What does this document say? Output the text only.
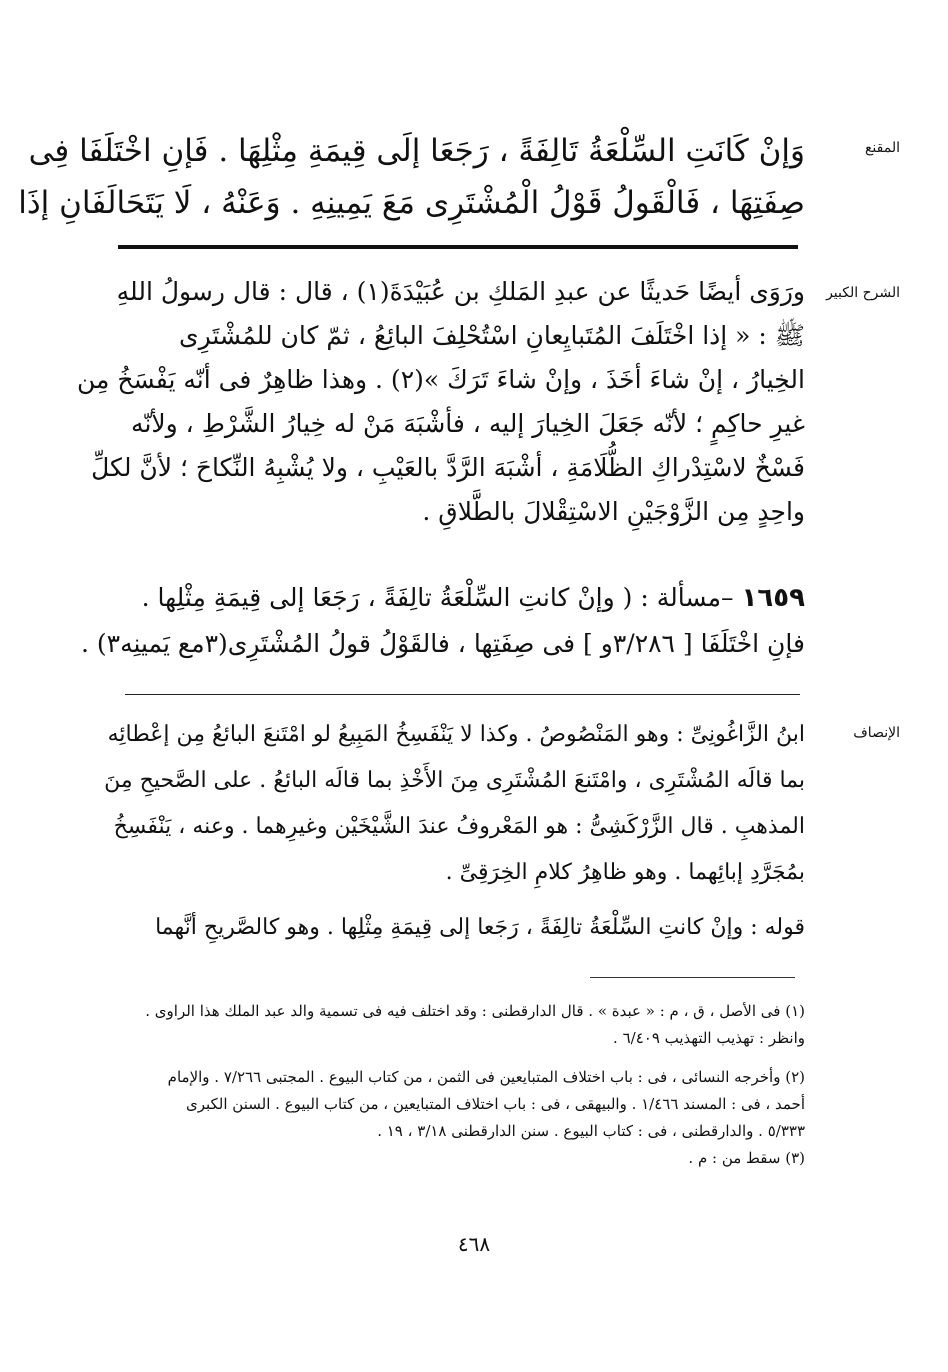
المقنع
وَإنْ كَانَتِ السِّلْعَةُ تَالِفَةً ، رَجَعَا إلَى قِيمَةِ مِثْلِهَا . فَإنِ اخْتَلَفَا فِى
صِفَتِهَا ، فَالْقَولُ قَوْلُ الْمُشْتَرِى مَعَ يَمِينِهِ . وَعَنْهُ ، لَا يَتَحَالَفَانِ إذَا
الشرح الكبير
ورَوَى أيضًا حَديثًا عن عبدِ المَلكِ بن عُبَيْدَةَ(١) ، قال : قال رسولُ اللهِ
ﷺ : « إذا اخْتَلَفَ المُتَبايِعانِ اسْتُحْلِفَ البائِعُ ، ثمّ كان للمُشْتَرِى
الخِيارُ ، إنْ شاءَ أخَذَ ، وإنْ شاءَ تَرَكَ »(٢) . وهذا ظاهِرٌ فى أنّه يَفْسَخُ مِن
غيرِ حاكِمٍ ؛ لأنّه جَعَلَ الخِيارَ إليه ، فأشْبَهَ مَنْ له خِيارُ الشَّرْطِ ، ولأنّه
فَسْخٌ لاسْتِدْراكِ الظُّلَامَةِ ، أشْبَهَ الرَّدَّ بالعَيْبِ ، ولا يُشْبِهُ النِّكاحَ ؛ لأنَّ لكلِّ
واحِدٍ مِن الزَّوْجَيْنِ الاسْتِقْلالَ بالطَّلاقِ .
١٦٥٩ –مسألة : ( وإنْ كانتِ السِّلْعَةُ تالِفَةً ، رَجَعَا إلى قِيمَةِ مِثْلِها .
فإنِ اخْتَلَفَا [ ٣/٢٨٦و ] فى صِفَتِها ، فالقَوْلُ قولُ المُشْتَرِى(٣مع يَمينِه٣) .
الإنصاف
ابنُ الزَّاغُونِىِّ : وهو المَنْصُوصُ . وكذا لا يَنْفَسِخُ المَبِيعُ لو امْتَنعَ البائعُ مِن إعْطائِه
بما قالَه المُشْتَرِى ، وامْتَنعَ المُشْتَرِى مِنَ الأَخْذِ بما قالَه البائعُ . على الصَّحيحِ مِنَ
المذهبِ . قال الزَّرْكَشِىُّ : هو المَعْروفُ عندَ الشَّيْخَيْن وغيرِهما . وعنه ، يَنْفَسِخُ
بمُجَرَّدِ إبائِهما . وهو ظاهِرُ كلامِ الخِرَقِىِّ .
قوله : وإنْ كانتِ السِّلْعَةُ تالِفَةً ، رَجَعا إلى قِيمَةِ مِثْلِها . وهو كالصَّريحِ أنَّهما
(١) فى الأصل ، ق ، م : « عبدة » . قال الدارقطنى : وقد اختلف فيه فى تسمية والد عبد الملك هذا الراوى .
وانظر : تهذيب التهذيب ٦/٤٠٩ .
(٢) وأخرجه النسائى ، فى : باب اختلاف المتبايعين فى الثمن ، من كتاب البيوع . المجتبى ٧/٢٦٦ . والإمام
أحمد ، فى : المسند ١/٤٦٦ . والبيهقى ، فى : باب اختلاف المتبايعين ، من كتاب البيوع . السنن الكبرى
٥/٣٣٣ . والدارقطنى ، فى : كتاب البيوع . سنن الدارقطنى ٣/١٨ ، ١٩ .
(٣) سقط من : م .
٤٦٨
